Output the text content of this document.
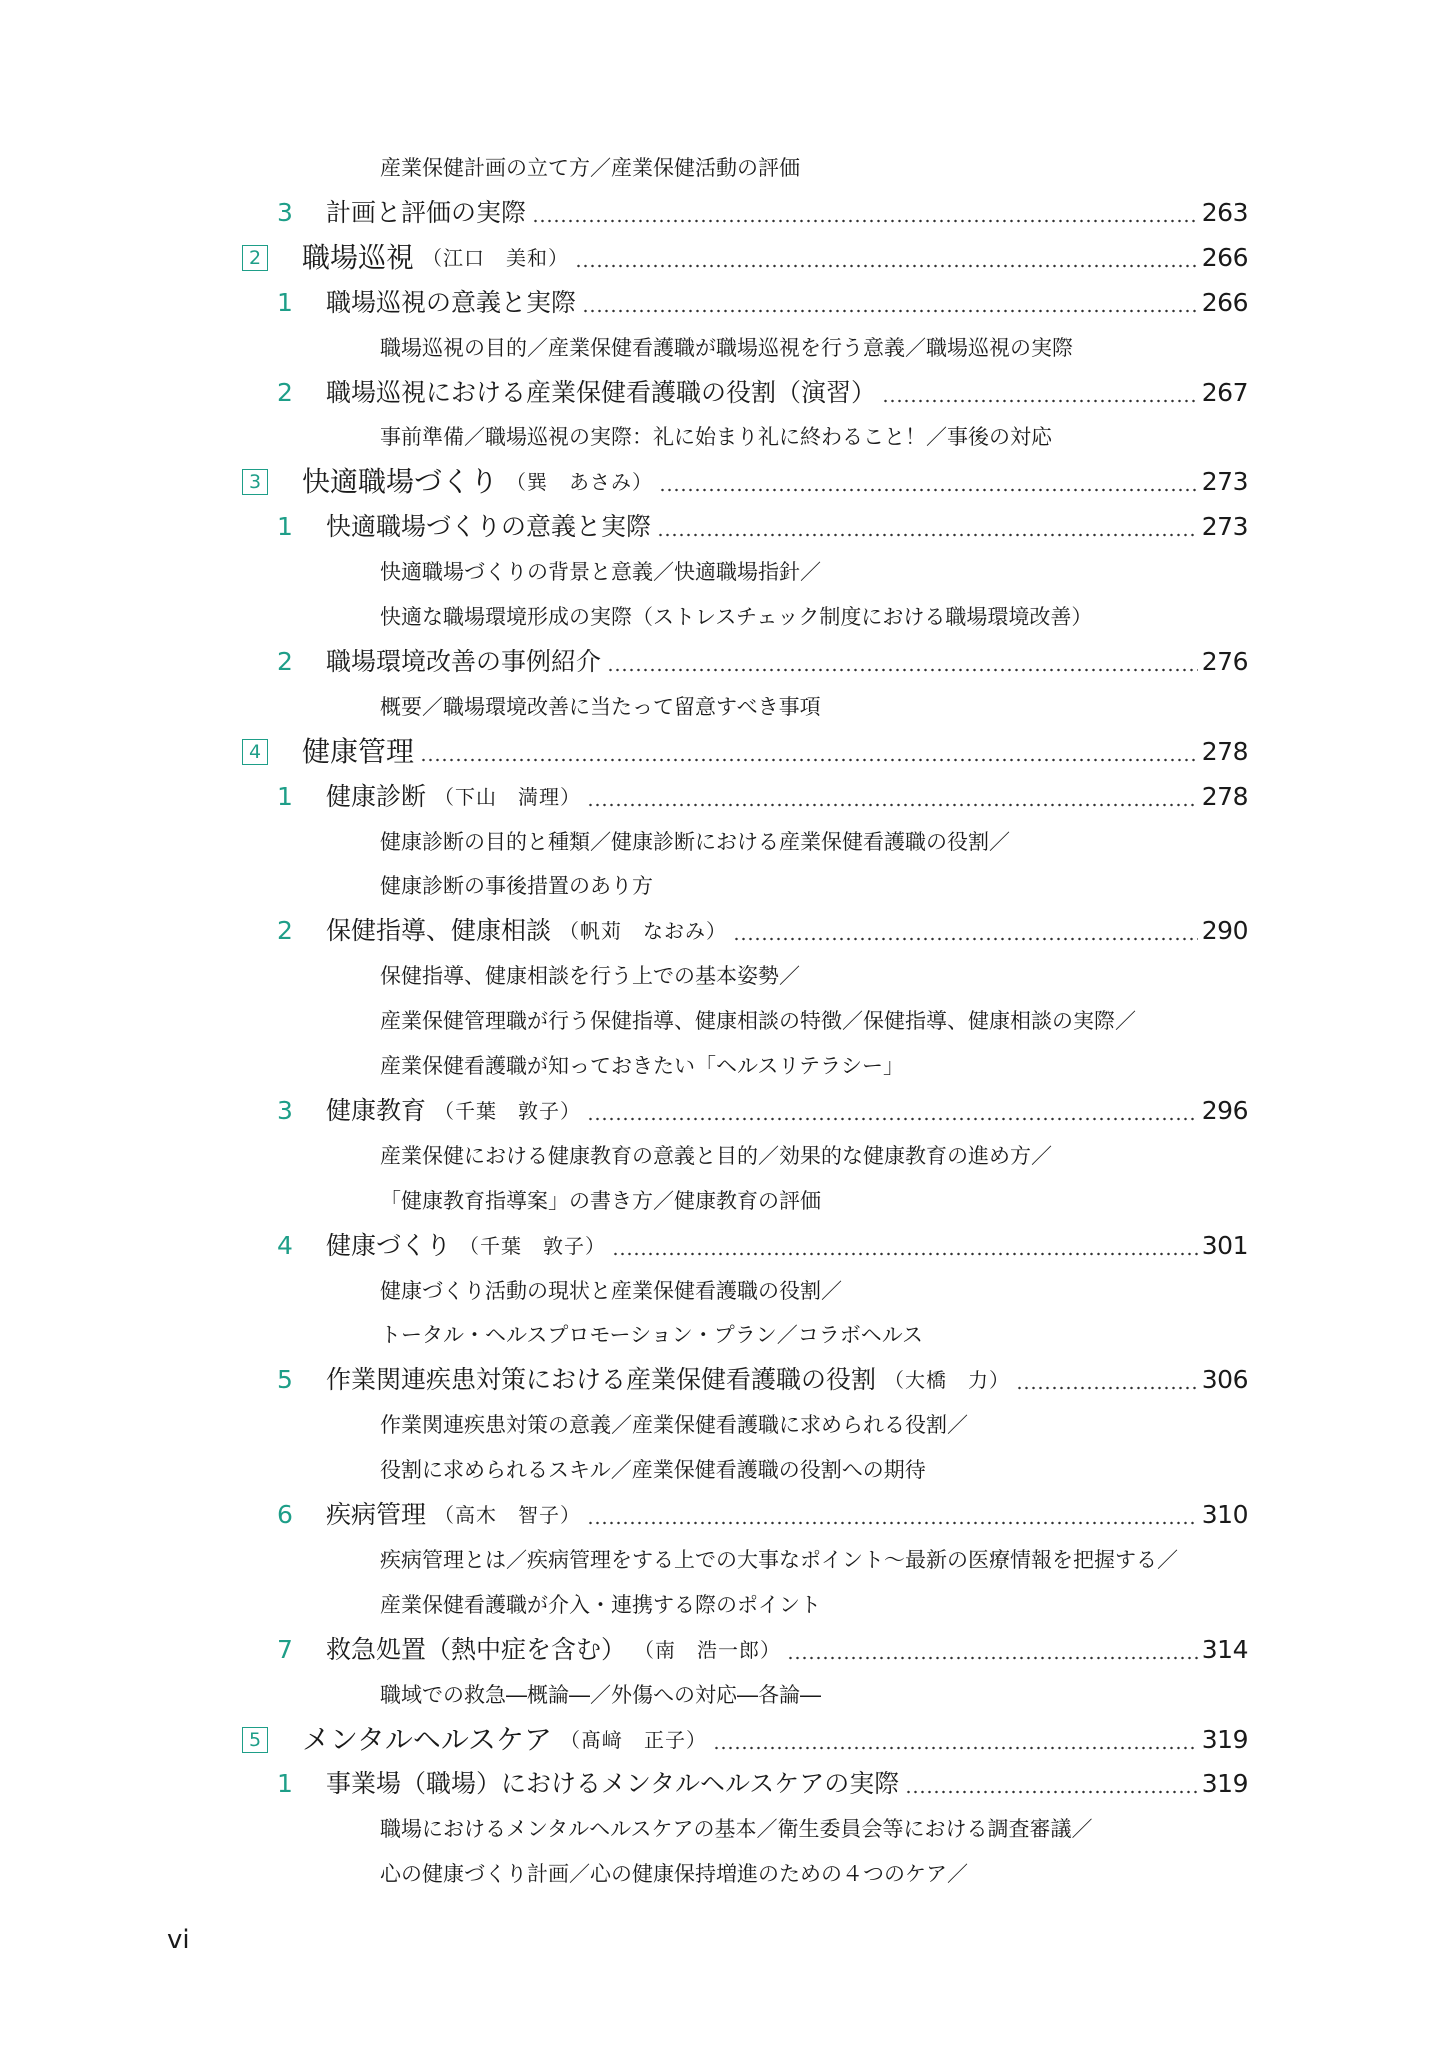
産業保健計画の立て方／産業保健活動の評価
3 計画と評価の実際	263
2 職場巡視 （江口　美和）	266
1 職場巡視の意義と実際	266
職場巡視の目的／産業保健看護職が職場巡視を行う意義／職場巡視の実際
2 職場巡視における産業保健看護職の役割（演習）	267
事前準備／職場巡視の実際：礼に始まり礼に終わること！／事後の対応
3 快適職場づくり （巽　あさみ）	273
1 快適職場づくりの意義と実際	273
快適職場づくりの背景と意義／快適職場指針／
快適な職場環境形成の実際（ストレスチェック制度における職場環境改善）
2 職場環境改善の事例紹介	276
概要／職場環境改善に当たって留意すべき事項
4 健康管理	278
1 健康診断 （下山　満理）	278
健康診断の目的と種類／健康診断における産業保健看護職の役割／
健康診断の事後措置のあり方
2 保健指導、健康相談 （帆苅　なおみ）	290
保健指導、健康相談を行う上での基本姿勢／
産業保健管理職が行う保健指導、健康相談の特徴／保健指導、健康相談の実際／
産業保健看護職が知っておきたい「ヘルスリテラシー」
3 健康教育 （千葉　敦子）	296
産業保健における健康教育の意義と目的／効果的な健康教育の進め方／
「健康教育指導案」の書き方／健康教育の評価
4 健康づくり （千葉　敦子）	301
健康づくり活動の現状と産業保健看護職の役割／
トータル・ヘルスプロモーション・プラン／コラボヘルス
5 作業関連疾患対策における産業保健看護職の役割 （大橋　力）	306
作業関連疾患対策の意義／産業保健看護職に求められる役割／
役割に求められるスキル／産業保健看護職の役割への期待
6 疾病管理 （高木　智子）	310
疾病管理とは／疾病管理をする上での大事なポイント〜最新の医療情報を把握する／
産業保健看護職が介入・連携する際のポイント
7 救急処置（熱中症を含む） （南　浩一郎）	314
職域での救急―概論―／外傷への対応―各論―
5 メンタルヘルスケア （髙﨑　正子）	319
1 事業場（職場）におけるメンタルヘルスケアの実際	319
職場におけるメンタルヘルスケアの基本／衛生委員会等における調査審議／
心の健康づくり計画／心の健康保持増進のための４つのケア／
vi
